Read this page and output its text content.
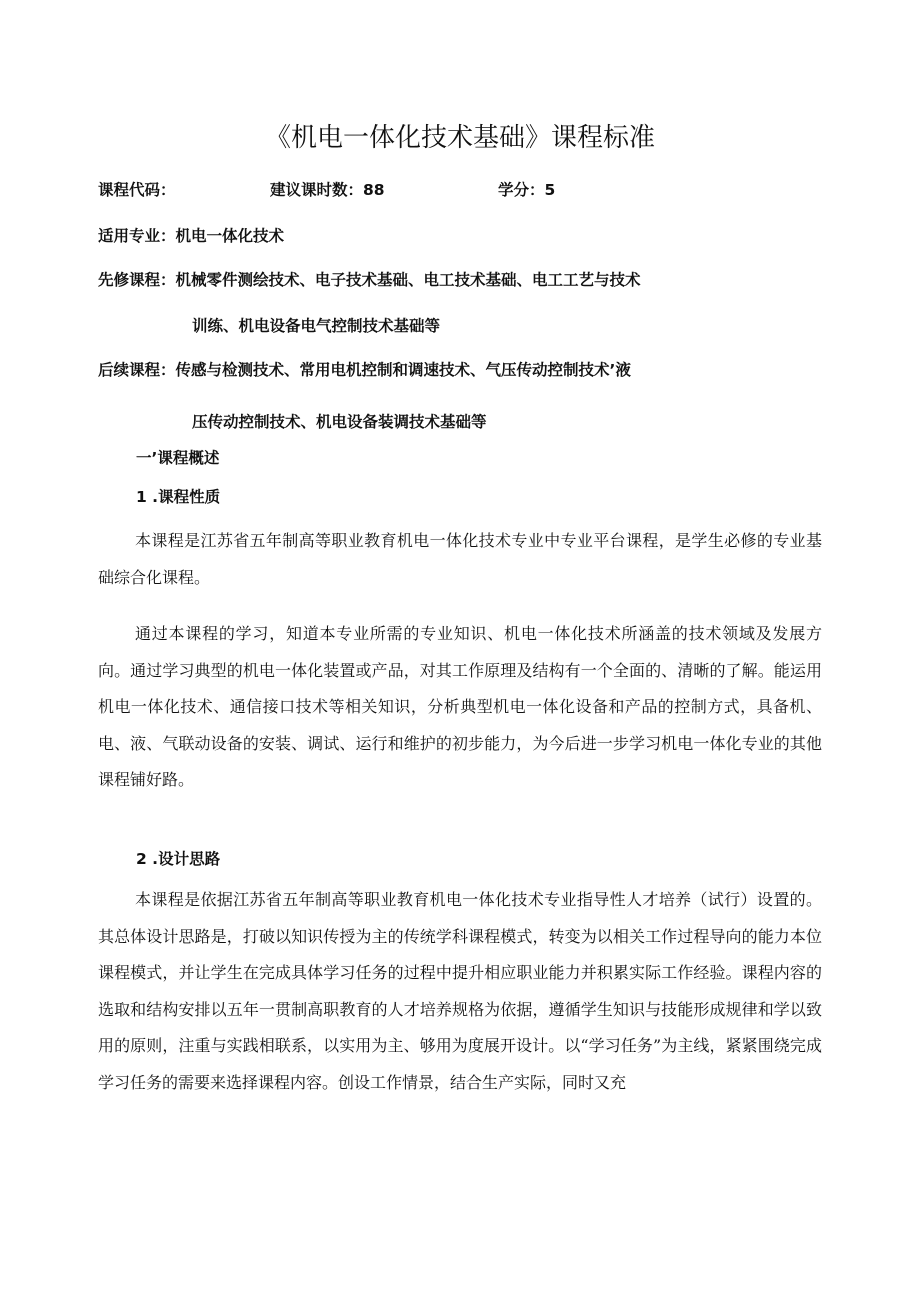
《机电一体化技术基础》课程标准
课程代码：	建议课时数：88	学分：5
适用专业：机电一体化技术
先修课程：机械零件测绘技术、电子技术基础、电工技术基础、电工工艺与技术
训练、机电设备电气控制技术基础等
后续课程：传感与检测技术、常用电机控制和调速技术、气压传动控制技术’液
压传动控制技术、机电设备装调技术基础等
一’课程概述
1 .课程性质

本课程是江苏省五年制高等职业教育机电一体化技术专业中专业平台课程，是学生必修的专业基础综合化课程。

通过本课程的学习，知道本专业所需的专业知识、机电一体化技术所涵盖的技术领域及发展方向。通过学习典型的机电一体化装置或产品，对其工作原理及结构有一个全面的、清晰的了解。能运用机电一体化技术、通信接口技术等相关知识，分析典型机电一体化设备和产品的控制方式，具备机、电、液、气联动设备的安装、调试、运行和维护的初步能力，为今后进一步学习机电一体化专业的其他课程铺好路。

2 .设计思路

本课程是依据江苏省五年制高等职业教育机电一体化技术专业指导性人才培养（试行）设置的。其总体设计思路是，打破以知识传授为主的传统学科课程模式，转变为以相关工作过程导向的能力本位课程模式，并让学生在完成具体学习任务的过程中提升相应职业能力并积累实际工作经验。课程内容的选取和结构安排以五年一贯制高职教育的人才培养规格为依据，遵循学生知识与技能形成规律和学以致用的原则，注重与实践相联系，以实用为主、够用为度展开设计。以“学习任务”为主线，紧紧围绕完成学习任务的需要来选择课程内容。创设工作情景，结合生产实际，同时又充
